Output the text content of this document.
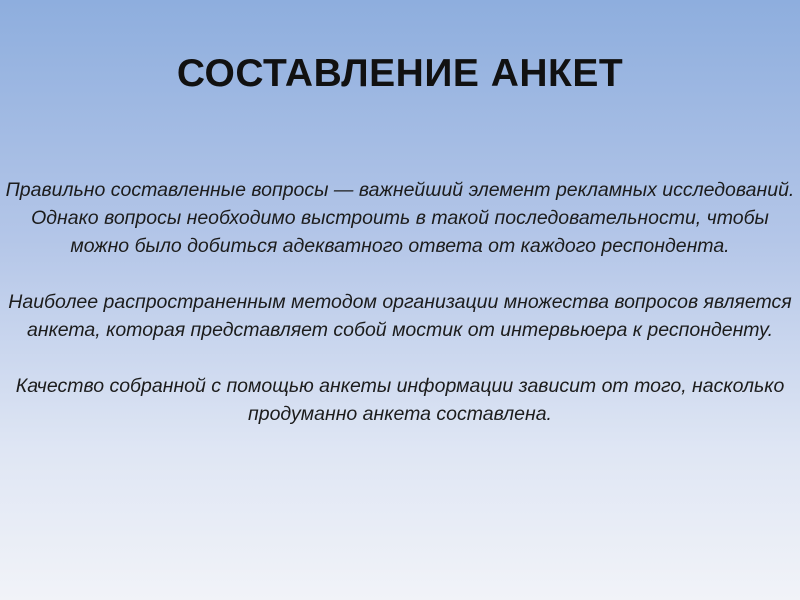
СОСТАВЛЕНИЕ АНКЕТ

Правильно составленные вопросы — важнейший элемент рекламных исследований. Однако вопросы необходимо выстроить в такой последовательности, чтобы можно было добиться адекватного ответа от каждого респондента.

Наиболее распространенным методом организации множества вопросов является анкета, которая представляет собой мостик от интервьюера к респонденту.

Качество собранной с помощью анкеты информации зависит от того, насколько продуманно анкета составлена.
